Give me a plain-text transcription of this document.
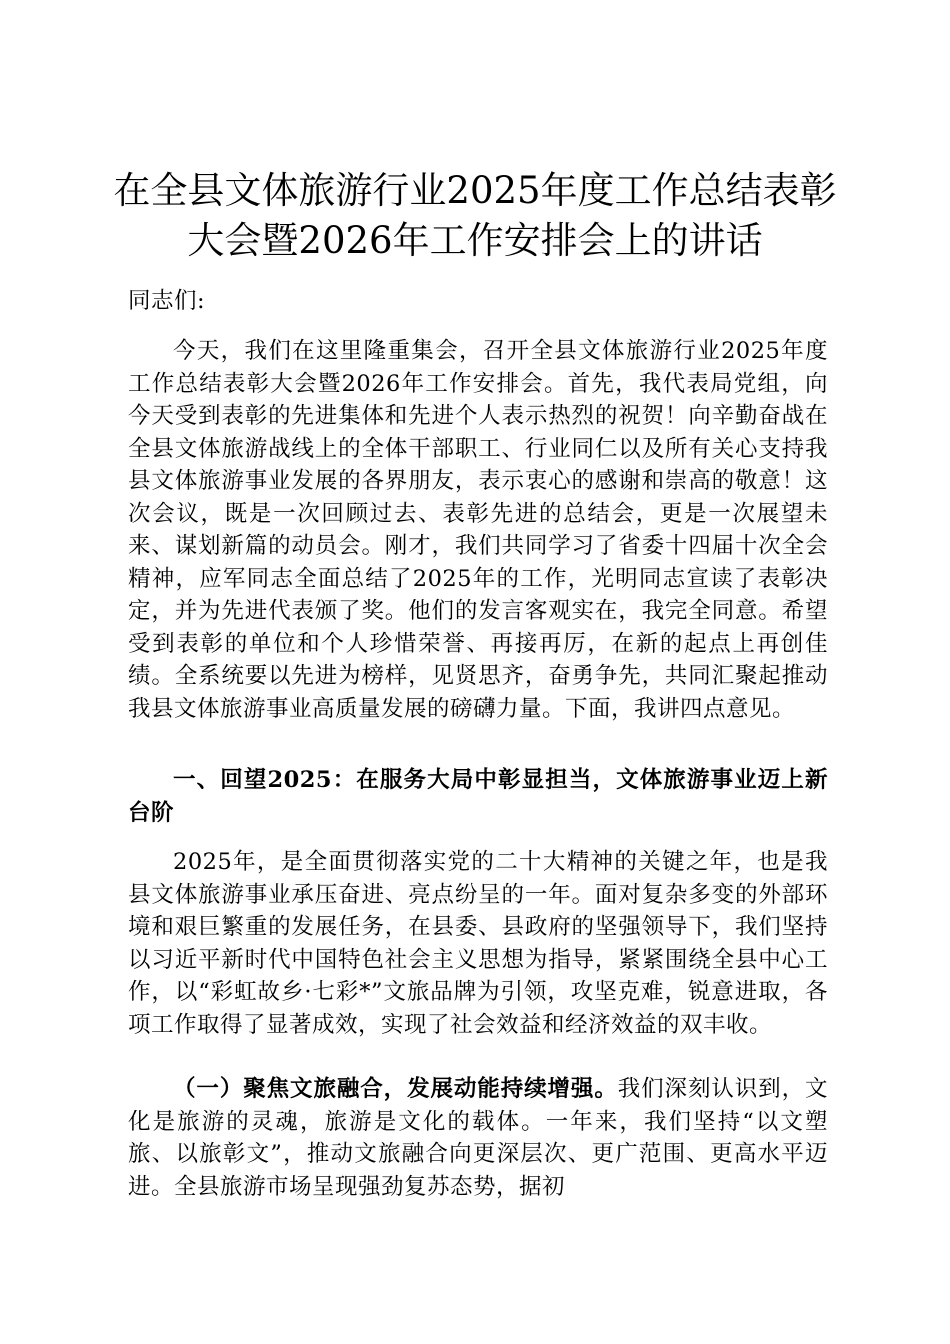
在全县文体旅游行业2025年度工作总结表彰
大会暨2026年工作安排会上的讲话

同志们:

今天，我们在这里隆重集会，召开全县文体旅游行业2025年度工作总结表彰大会暨2026年工作安排会。首先，我代表局党组，向今天受到表彰的先进集体和先进个人表示热烈的祝贺！向辛勤奋战在全县文体旅游战线上的全体干部职工、行业同仁以及所有关心支持我县文体旅游事业发展的各界朋友，表示衷心的感谢和崇高的敬意！这次会议，既是一次回顾过去、表彰先进的总结会，更是一次展望未来、谋划新篇的动员会。刚才，我们共同学习了省委十四届十次全会精神，应军同志全面总结了2025年的工作，光明同志宣读了表彰决定，并为先进代表颁了奖。他们的发言客观实在，我完全同意。希望受到表彰的单位和个人珍惜荣誉、再接再厉，在新的起点上再创佳绩。全系统要以先进为榜样，见贤思齐，奋勇争先，共同汇聚起推动我县文体旅游事业高质量发展的磅礴力量。下面，我讲四点意见。

一、回望2025：在服务大局中彰显担当，文体旅游事业迈上新台阶

2025年，是全面贯彻落实党的二十大精神的关键之年，也是我县文体旅游事业承压奋进、亮点纷呈的一年。面对复杂多变的外部环境和艰巨繁重的发展任务，在县委、县政府的坚强领导下，我们坚持以习近平新时代中国特色社会主义思想为指导，紧紧围绕全县中心工作，以“彩虹故乡·七彩*”文旅品牌为引领，攻坚克难，锐意进取，各项工作取得了显著成效，实现了社会效益和经济效益的双丰收。

（一）聚焦文旅融合，发展动能持续增强。我们深刻认识到，文化是旅游的灵魂，旅游是文化的载体。一年来，我们坚持“以文塑旅、以旅彰文”，推动文旅融合向更深层次、更广范围、更高水平迈进。全县旅游市场呈现强劲复苏态势，据初
